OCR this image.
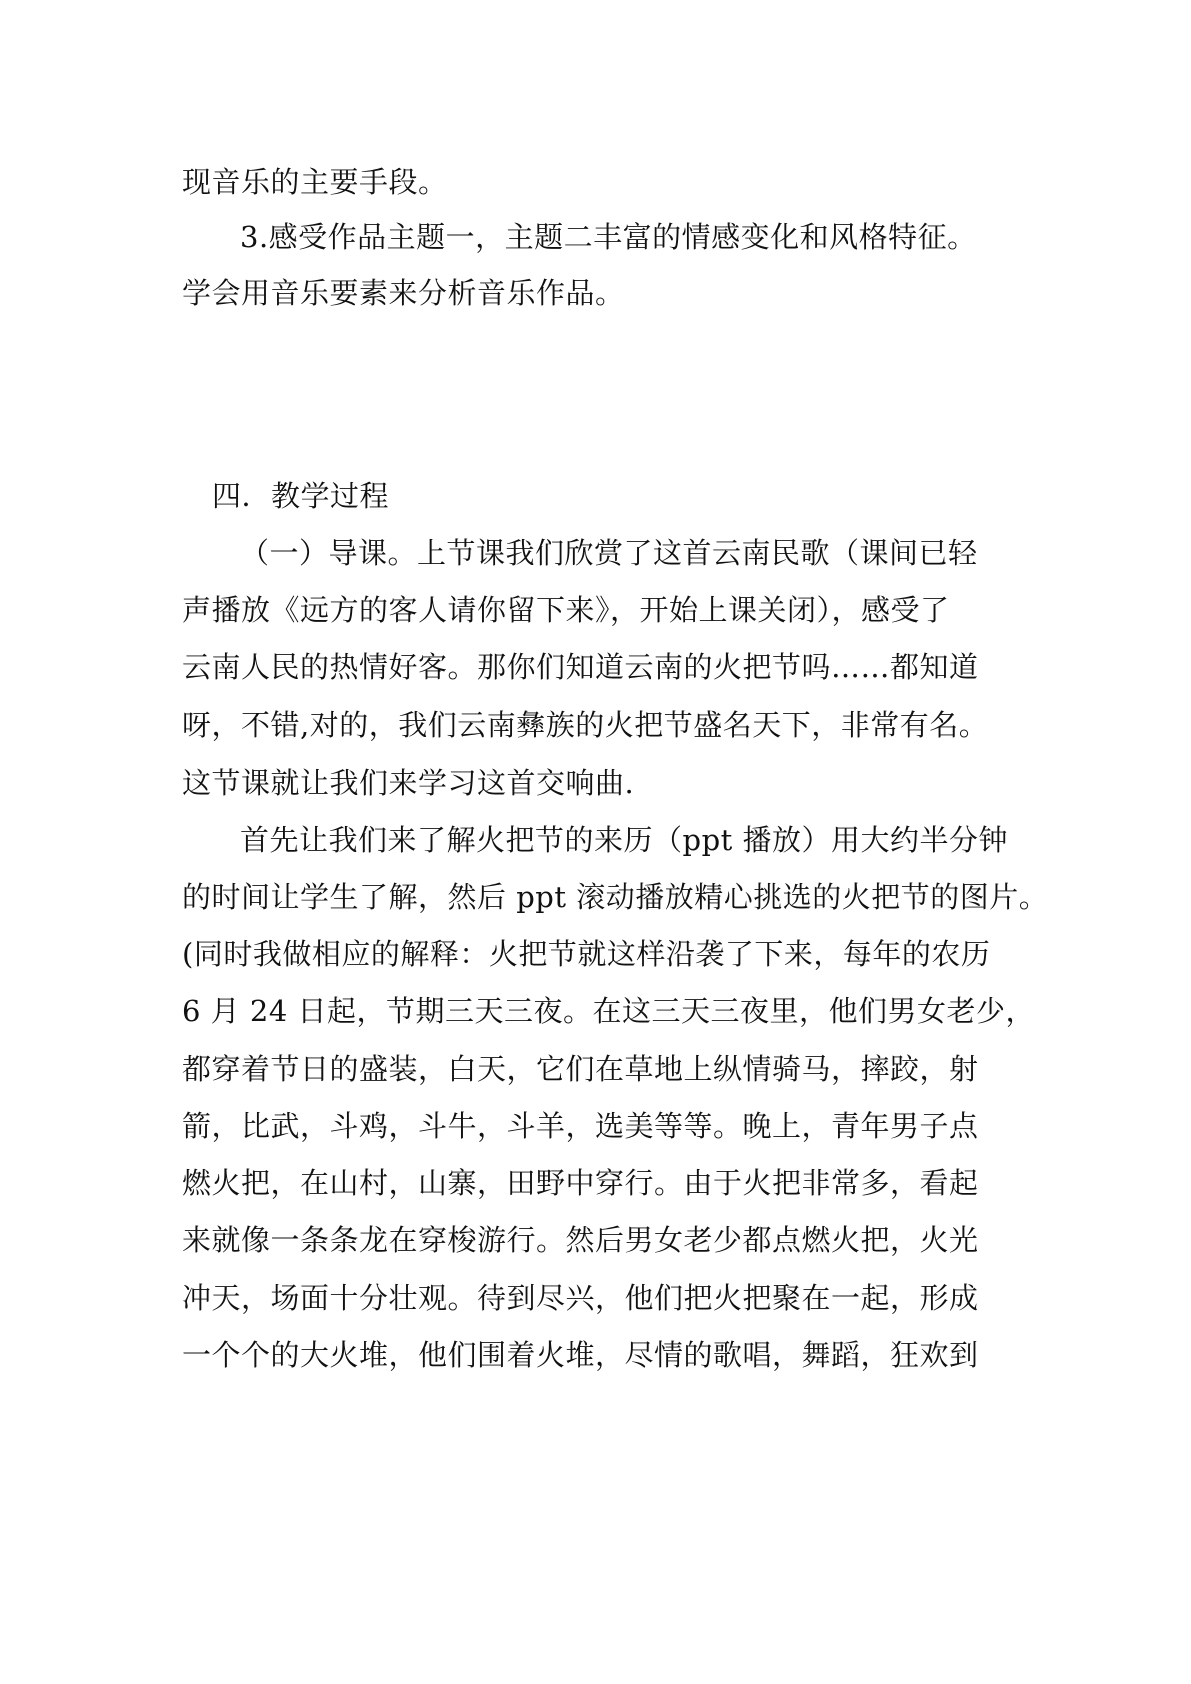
现音乐的主要手段。
3.感受作品主题一，主题二丰富的情感变化和风格特征。
学会用音乐要素来分析音乐作品。
四．教学过程
（一）导课。上节课我们欣赏了这首云南民歌（课间已轻
声播放《远方的客人请你留下来》，开始上课关闭），感受了
云南人民的热情好客。那你们知道云南的火把节吗……都知道
呀，不错,对的，我们云南彝族的火把节盛名天下，非常有名。
这节课就让我们来学习这首交响曲.
首先让我们来了解火把节的来历（ppt 播放）用大约半分钟
的时间让学生了解，然后 ppt 滚动播放精心挑选的火把节的图片。
(同时我做相应的解释：火把节就这样沿袭了下来，每年的农历
6 月 24 日起，节期三天三夜。在这三天三夜里，他们男女老少，
都穿着节日的盛装，白天，它们在草地上纵情骑马，摔跤，射
箭，比武，斗鸡，斗牛，斗羊，选美等等。晚上，青年男子点
燃火把，在山村，山寨，田野中穿行。由于火把非常多，看起
来就像一条条龙在穿梭游行。然后男女老少都点燃火把，火光
冲天，场面十分壮观。待到尽兴，他们把火把聚在一起，形成
一个个的大火堆，他们围着火堆，尽情的歌唱，舞蹈，狂欢到
